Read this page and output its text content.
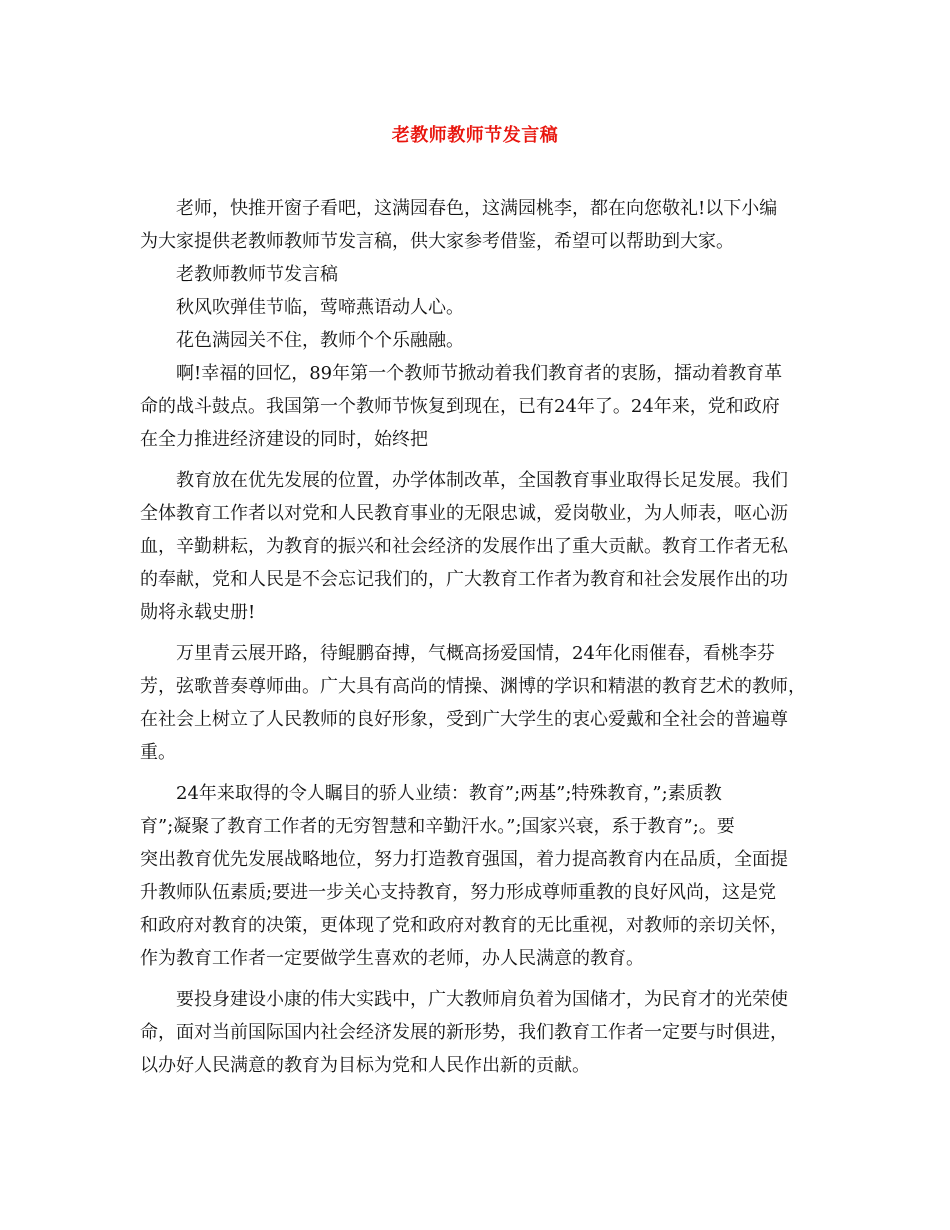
老教师教师节发言稿
老师，快推开窗子看吧，这满园春色，这满园桃李，都在向您敬礼!以下小编
为大家提供老教师教师节发言稿，供大家参考借鉴，希望可以帮助到大家。
老教师教师节发言稿
秋风吹弹佳节临，莺啼燕语动人心。
花色满园关不住，教师个个乐融融。
啊!幸福的回忆，89年第一个教师节掀动着我们教育者的衷肠，擂动着教育革
命的战斗鼓点。我国第一个教师节恢复到现在，已有24年了。24年来，党和政府
在全力推进经济建设的同时，始终把
教育放在优先发展的位置，办学体制改革，全国教育事业取得长足发展。我们
全体教育工作者以对党和人民教育事业的无限忠诚，爱岗敬业，为人师表，呕心沥
血，辛勤耕耘，为教育的振兴和社会经济的发展作出了重大贡献。教育工作者无私
的奉献，党和人民是不会忘记我们的，广大教育工作者为教育和社会发展作出的功
勋将永载史册!
万里青云展开路，待鲲鹏奋搏，气概高扬爱国情，24年化雨催春，看桃李芬
芳，弦歌普奏尊师曲。广大具有高尚的情操、渊博的学识和精湛的教育艺术的教师，
在社会上树立了人民教师的良好形象，受到广大学生的衷心爱戴和全社会的普遍尊
重。
24年来取得的令人瞩目的骄人业绩：教育”;两基”;特殊教育，”;素质教
育”;凝聚了教育工作者的无穷智慧和辛勤汗水。”;国家兴衰，系于教育”;。要
突出教育优先发展战略地位，努力打造教育强国，着力提高教育内在品质，全面提
升教师队伍素质;要进一步关心支持教育，努力形成尊师重教的良好风尚，这是党
和政府对教育的决策，更体现了党和政府对教育的无比重视，对教师的亲切关怀，
作为教育工作者一定要做学生喜欢的老师，办人民满意的教育。
要投身建设小康的伟大实践中，广大教师肩负着为国储才，为民育才的光荣使
命，面对当前国际国内社会经济发展的新形势，我们教育工作者一定要与时俱进，
以办好人民满意的教育为目标为党和人民作出新的贡献。
